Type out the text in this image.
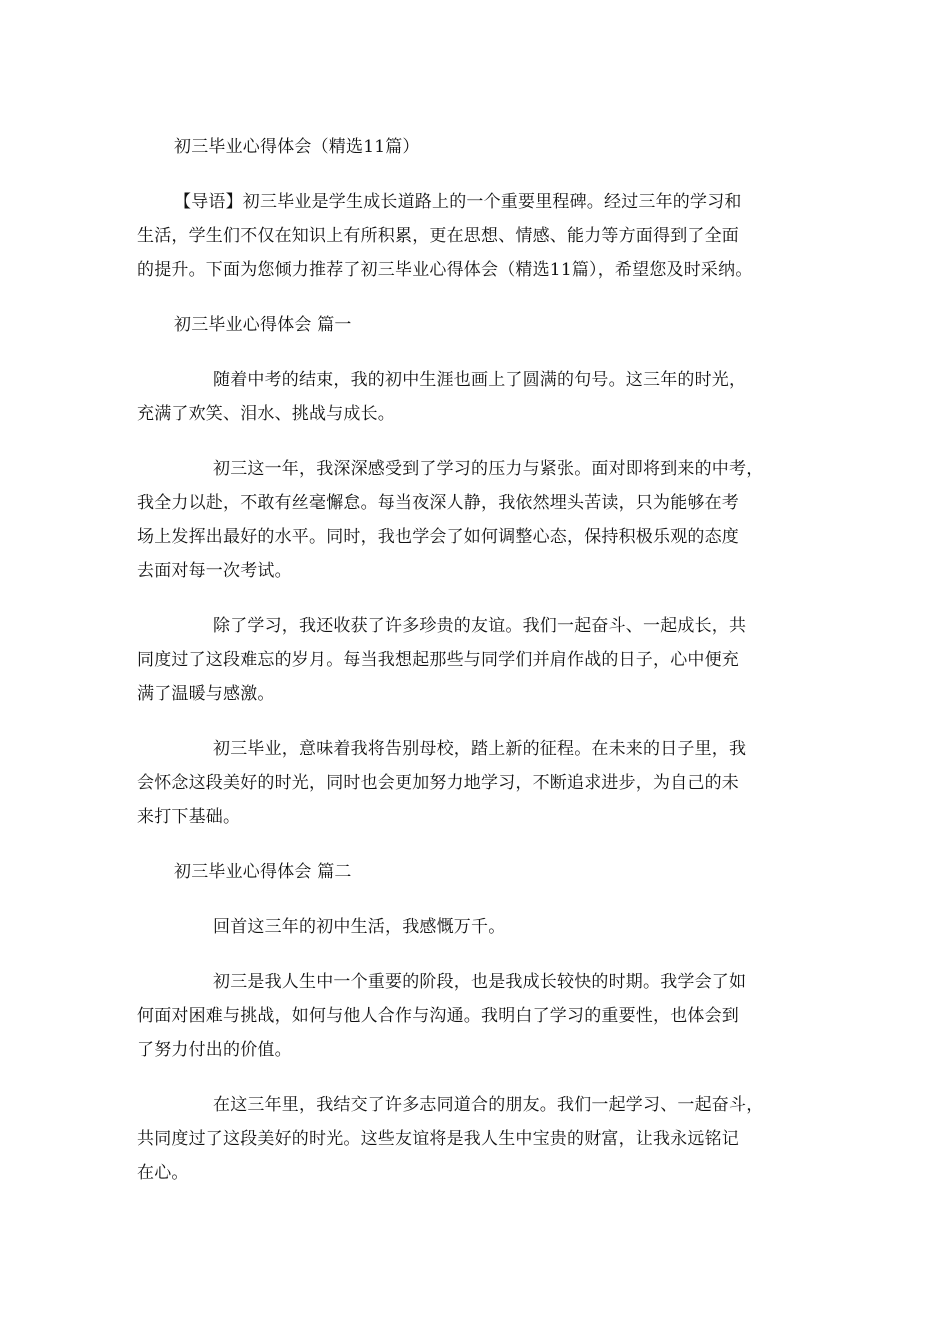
初三毕业心得体会（精选11篇）
【导语】初三毕业是学生成长道路上的一个重要里程碑。经过三年的学习和
生活，学生们不仅在知识上有所积累，更在思想、情感、能力等方面得到了全面
的提升。下面为您倾力推荐了初三毕业心得体会（精选11篇），希望您及时采纳。
初三毕业心得体会 篇一
随着中考的结束，我的初中生涯也画上了圆满的句号。这三年的时光，
充满了欢笑、泪水、挑战与成长。
初三这一年，我深深感受到了学习的压力与紧张。面对即将到来的中考，
我全力以赴，不敢有丝毫懈怠。每当夜深人静，我依然埋头苦读，只为能够在考
场上发挥出最好的水平。同时，我也学会了如何调整心态，保持积极乐观的态度
去面对每一次考试。
除了学习，我还收获了许多珍贵的友谊。我们一起奋斗、一起成长，共
同度过了这段难忘的岁月。每当我想起那些与同学们并肩作战的日子，心中便充
满了温暖与感激。
初三毕业，意味着我将告别母校，踏上新的征程。在未来的日子里，我
会怀念这段美好的时光，同时也会更加努力地学习，不断追求进步，为自己的未
来打下基础。
初三毕业心得体会 篇二
回首这三年的初中生活，我感慨万千。
初三是我人生中一个重要的阶段，也是我成长较快的时期。我学会了如
何面对困难与挑战，如何与他人合作与沟通。我明白了学习的重要性，也体会到
了努力付出的价值。
在这三年里，我结交了许多志同道合的朋友。我们一起学习、一起奋斗，
共同度过了这段美好的时光。这些友谊将是我人生中宝贵的财富，让我永远铭记
在心。
